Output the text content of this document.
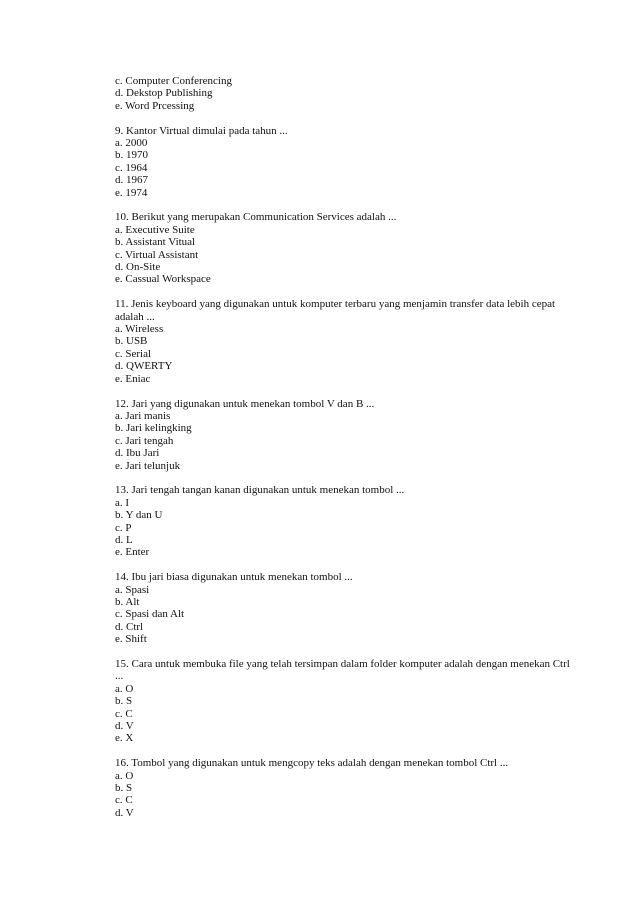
c. Computer Conferencing
d. Dekstop Publishing
e. Word Prcessing
9. Kantor Virtual dimulai pada tahun ...
a. 2000
b. 1970
c. 1964
d. 1967
e. 1974
10. Berikut yang merupakan Communication Services adalah ...
a. Executive Suite
b. Assistant Vitual
c. Virtual Assistant
d. On-Site
e. Cassual Workspace
11. Jenis keyboard yang digunakan untuk komputer terbaru yang menjamin transfer data lebih cepat
adalah ...
a. Wireless
b. USB
c. Serial
d. QWERTY
e. Eniac
12. Jari yang digunakan untuk menekan tombol V dan B ...
a. Jari manis
b. Jari kelingking
c. Jari tengah
d. Ibu Jari
e. Jari telunjuk
13. Jari tengah tangan kanan digunakan untuk menekan tombol ...
a. I
b. Y dan U
c. P
d. L
e. Enter
14. Ibu jari biasa digunakan untuk menekan tombol ...
a. Spasi
b. Alt
c. Spasi dan Alt
d. Ctrl
e. Shift
15. Cara untuk membuka file yang telah tersimpan dalam folder komputer adalah dengan menekan Ctrl
...
a. O
b. S
c. C
d. V
e. X
16. Tombol yang digunakan untuk mengcopy teks adalah dengan menekan tombol Ctrl ...
a. O
b. S
c. C
d. V
